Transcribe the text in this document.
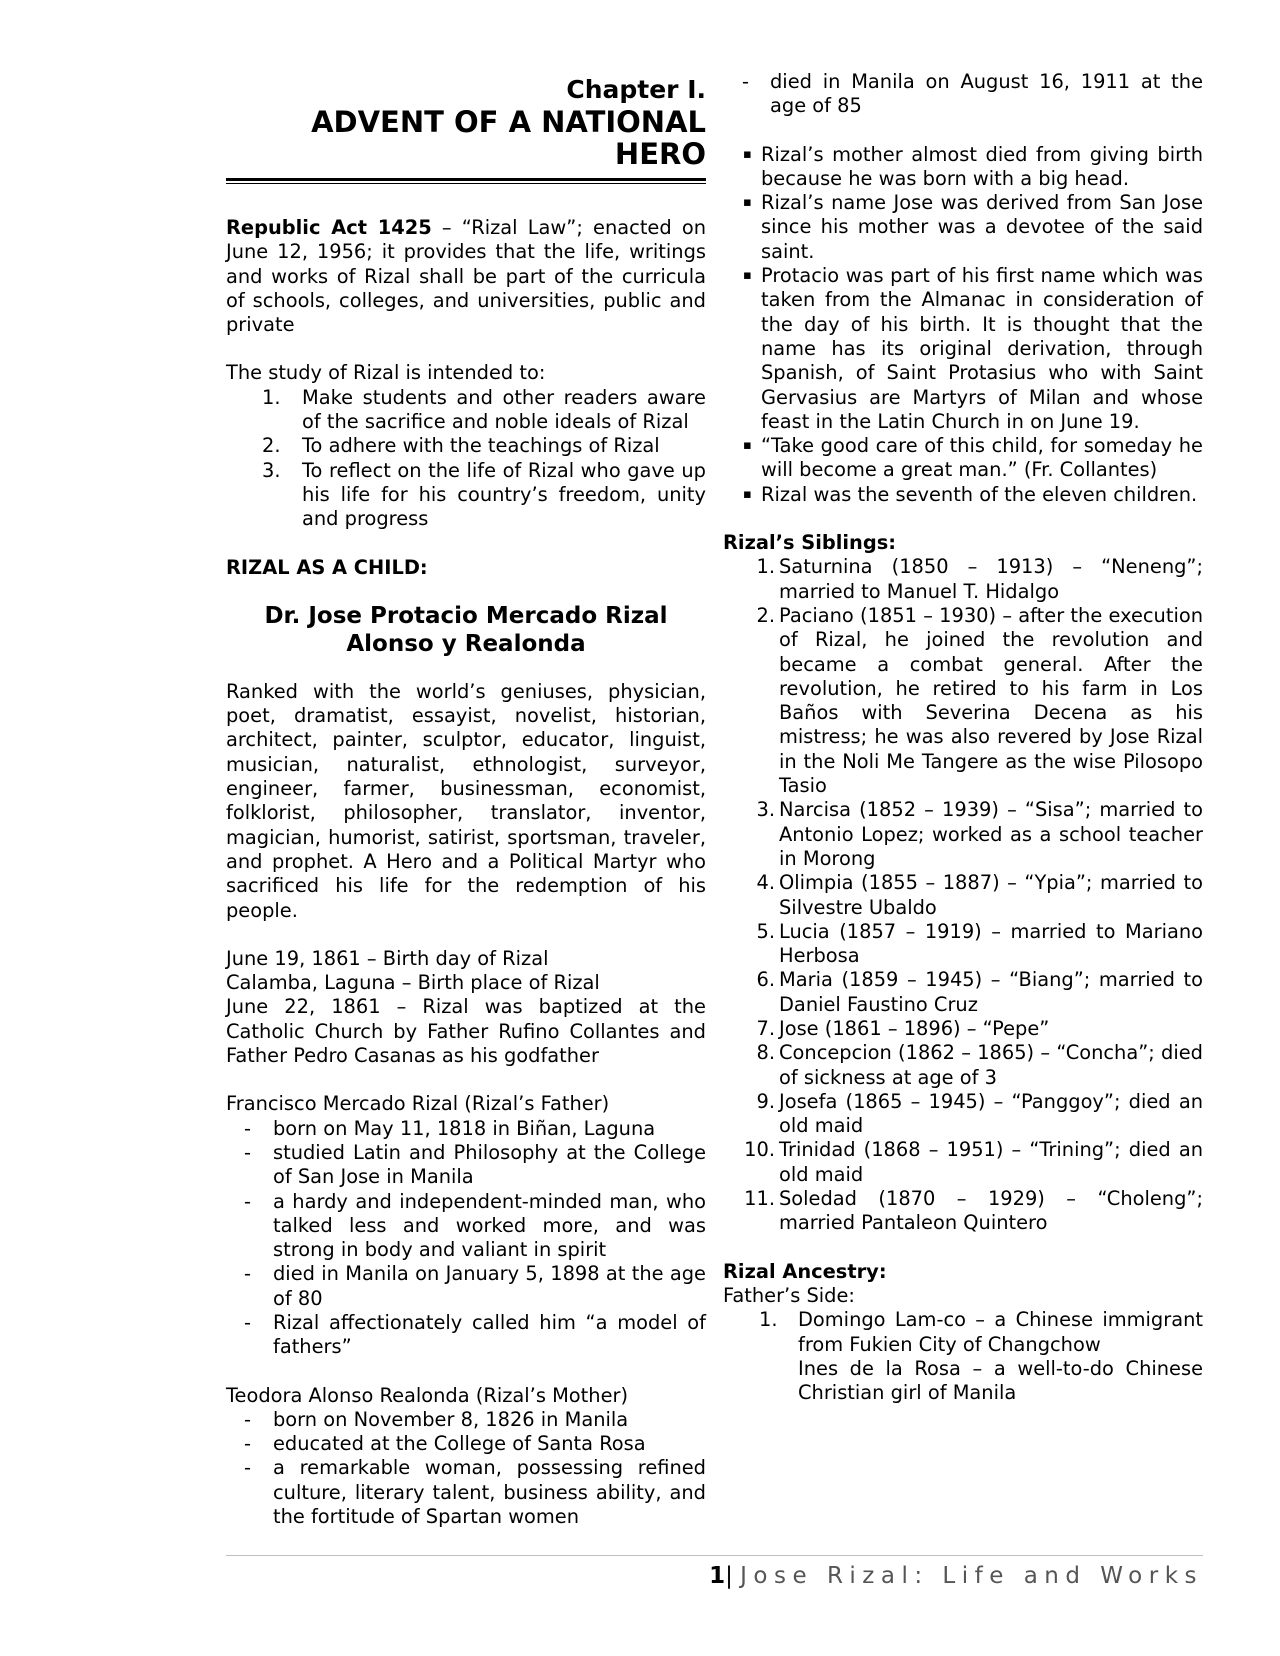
Chapter I.
ADVENT OF A NATIONAL HERO

Republic Act 1425 – “Rizal Law”; enacted on June 12, 1956; it provides that the life, writings and works of Rizal shall be part of the curricula of schools, colleges, and universities, public and private

The study of Rizal is intended to:

1.	Make students and other readers aware of the sacrifice and noble ideals of Rizal
2.	To adhere with the teachings of Rizal
3.	To reflect on the life of Rizal who gave up his life for his country’s freedom, unity and progress

RIZAL AS A CHILD:

Dr. Jose Protacio Mercado Rizal

Alonso y Realonda

Ranked with the world’s geniuses, physician, poet, dramatist, essayist, novelist, historian, architect, painter, sculptor, educator, linguist, musician, naturalist, ethnologist, surveyor, engineer, farmer, businessman, economist, folklorist, philosopher, translator, inventor, magician, humorist, satirist, sportsman, traveler, and prophet. A Hero and a Political Martyr who sacrificed his life for the redemption of his people.

June 19, 1861 – Birth day of Rizal

Calamba, Laguna – Birth place of Rizal

June 22, 1861 – Rizal was baptized at the Catholic Church by Father Rufino Collantes and Father Pedro Casanas as his godfather

Francisco Mercado Rizal (Rizal’s Father)

- born on May 11, 1818 in Biñan, Laguna
- studied Latin and Philosophy at the College of San Jose in Manila
- a hardy and independent-minded man, who talked less and worked more, and was strong in body and valiant in spirit
- died in Manila on January 5, 1898 at the age of 80
- Rizal affectionately called him “a model of fathers”

Teodora Alonso Realonda (Rizal’s Mother)

- born on November 8, 1826 in Manila
- educated at the College of Santa Rosa
- a remarkable woman, possessing refined culture, literary talent, business ability, and the fortitude of Spartan women
- died in Manila on August 16, 1911 at the age of 85
▪ Rizal’s mother almost died from giving birth because he was born with a big head.
▪ Rizal’s name Jose was derived from San Jose since his mother was a devotee of the said saint.
▪ Protacio was part of his first name which was taken from the Almanac in consideration of the day of his birth. It is thought that the name has its original derivation, through Spanish, of Saint Protasius who with Saint Gervasius are Martyrs of Milan and whose feast in the Latin Church in on June 19.
▪ “Take good care of this child, for someday he will become a great man.” (Fr. Collantes)
▪ Rizal was the seventh of the eleven children.

Rizal’s Siblings:

1. Saturnina (1850 – 1913) – “Neneng”; married to Manuel T. Hidalgo
2. Paciano (1851 – 1930) – after the execution of Rizal, he joined the revolution and became a combat general. After the revolution, he retired to his farm in Los Baños with Severina Decena as his mistress; he was also revered by Jose Rizal in the Noli Me Tangere as the wise Pilosopo Tasio
3. Narcisa (1852 – 1939) – “Sisa”; married to Antonio Lopez; worked as a school teacher in Morong
4. Olimpia (1855 – 1887) – “Ypia”; married to Silvestre Ubaldo
5. Lucia (1857 – 1919) – married to Mariano Herbosa
6. Maria (1859 – 1945) – “Biang”; married to Daniel Faustino Cruz
7. Jose (1861 – 1896) – “Pepe”
8. Concepcion (1862 – 1865) – “Concha”; died of sickness at age of 3
9. Josefa (1865 – 1945) – “Panggoy”; died an old maid
10. Trinidad (1868 – 1951) – “Trining”; died an old maid
11. Soledad (1870 – 1929) – “Choleng”; married Pantaleon Quintero

Rizal Ancestry:

Father’s Side:

1. Domingo Lam-co – a Chinese immigrant from Fukien City of Changchow
Ines de la Rosa – a well-to-do Chinese Christian girl of Manila
1| Jose Rizal: Life and Works
